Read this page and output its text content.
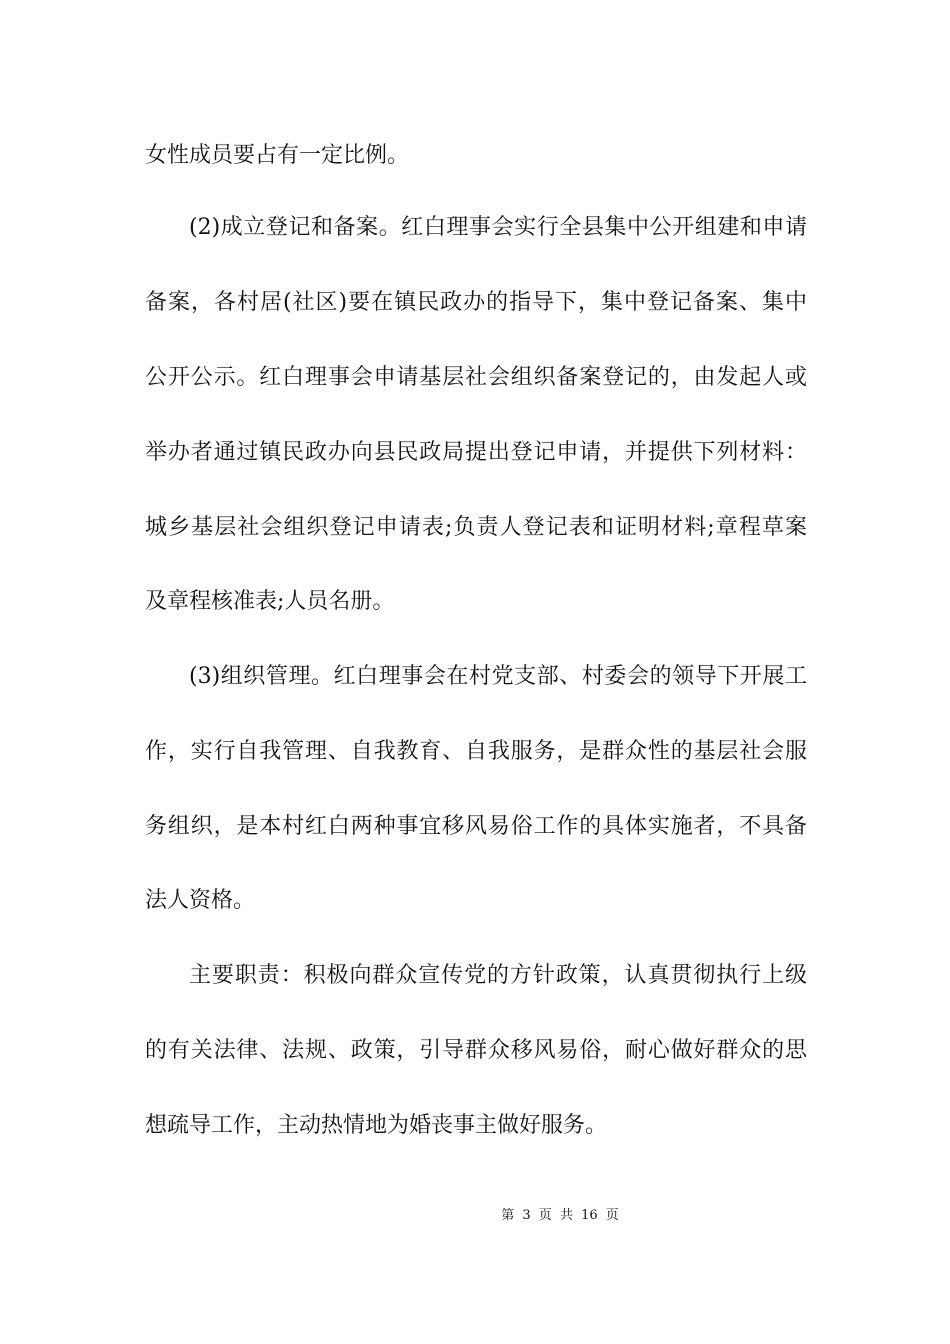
女性成员要占有一定比例。

(2)成立登记和备案。红白理事会实行全县集中公开组建和申请

备案，各村居(社区)要在镇民政办的指导下，集中登记备案、集中

公开公示。红白理事会申请基层社会组织备案登记的，由发起人或

举办者通过镇民政办向县民政局提出登记申请，并提供下列材料：

城乡基层社会组织登记申请表;负责人登记表和证明材料;章程草案

及章程核准表;人员名册。

(3)组织管理。红白理事会在村党支部、村委会的领导下开展工

作，实行自我管理、自我教育、自我服务，是群众性的基层社会服

务组织，是本村红白两种事宜移风易俗工作的具体实施者，不具备

法人资格。

主要职责：积极向群众宣传党的方针政策，认真贯彻执行上级

的有关法律、法规、政策，引导群众移风易俗，耐心做好群众的思

想疏导工作，主动热情地为婚丧事主做好服务。

第 3 页 共 16 页
